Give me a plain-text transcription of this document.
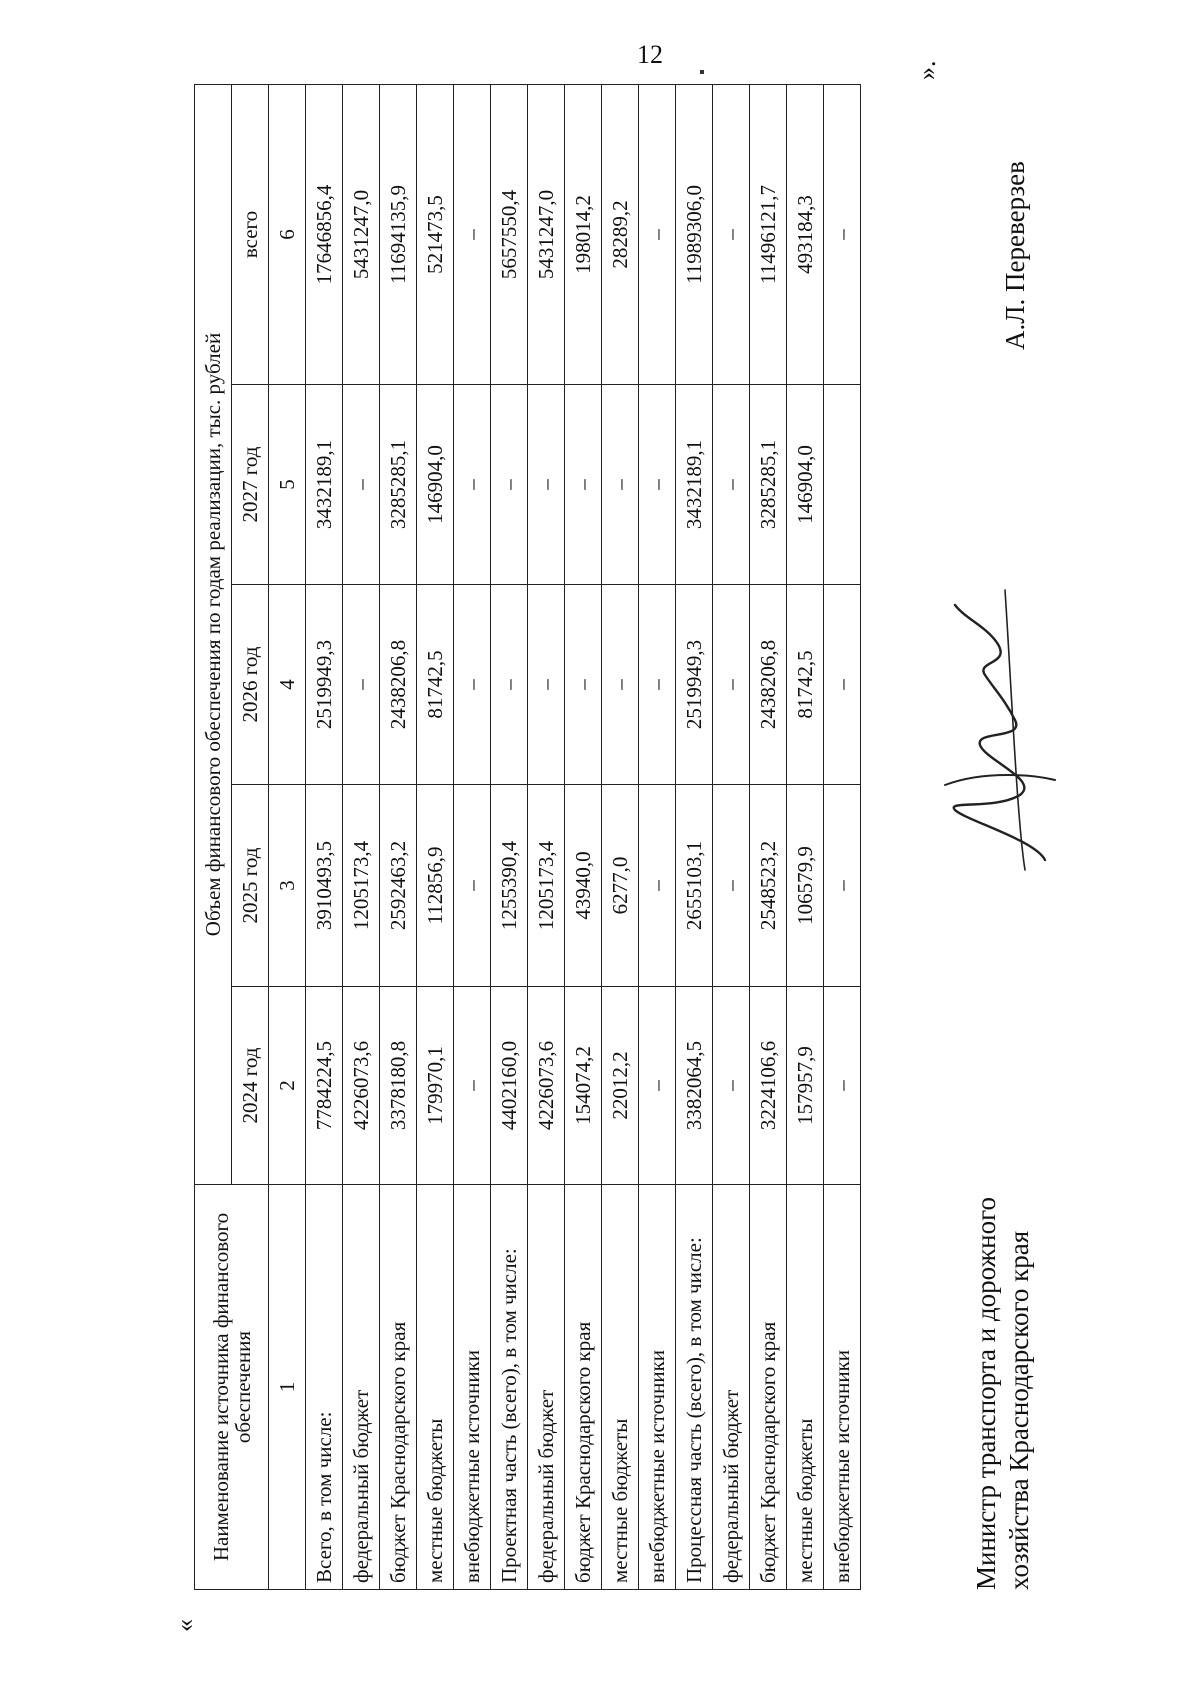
12
«
Наименование источника финансового обеспечения	Объем финансового обеспечения по годам реализации, тыс. рублей				
	2024 год	2025 год	2026 год	2027 год	всего
1	2	3	4	5	6
Всего, в том числе:	7784224,5	3910493,5	2519949,3	3432189,1	17646856,4
федеральный бюджет	4226073,6	1205173,4	–	–	5431247,0
бюджет Краснодарского края	3378180,8	2592463,2	2438206,8	3285285,1	11694135,9
местные бюджеты	179970,1	112856,9	81742,5	146904,0	521473,5
внебюджетные источники	–	–	–	–	–
Проектная часть (всего), в том числе:	4402160,0	1255390,4	–	–	5657550,4
федеральный бюджет	4226073,6	1205173,4	–	–	5431247,0
бюджет Краснодарского края	154074,2	43940,0	–	–	198014,2
местные бюджеты	22012,2	6277,0	–	–	28289,2
внебюджетные источники	–	–	–	–	–
Процессная часть (всего), в том числе:	3382064,5	2655103,1	2519949,3	3432189,1	11989306,0
федеральный бюджет	–	–	–	–	–
бюджет Краснодарского края	3224106,6	2548523,2	2438206,8	3285285,1	11496121,7
местные бюджеты	157957,9	106579,9	81742,5	146904,0	493184,3
внебюджетные источники	–	–	–		–
Министр транспорта и дорожного хозяйства Краснодарского края
А.Л. Переверзев
».
